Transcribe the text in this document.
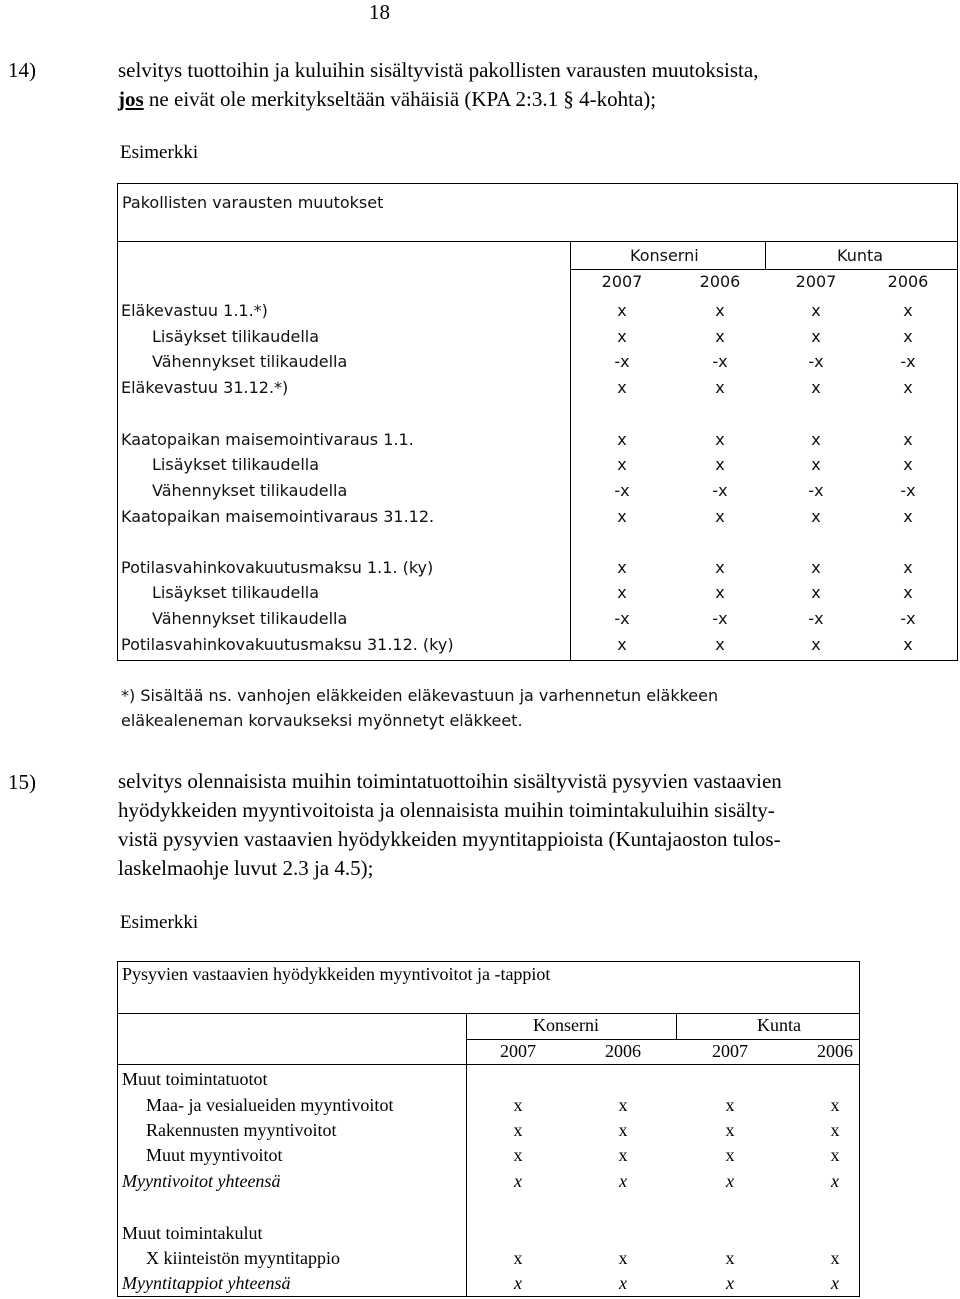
18
14)	selvitys tuottoihin ja kuluihin sisältyvistä pakollisten varausten muutoksista,
jos ne eivät ole merkitykseltään vähäisiä (KPA 2:3.1 § 4-kohta);
Esimerkki
Pakollisten varausten muutokset
Konserni	Kunta
2007	2006	2007	2006
Eläkevastuu 1.1.*)	x	x	x	x
Lisäykset tilikaudella	x	x	x	x
Vähennykset tilikaudella	-x	-x	-x	-x
Eläkevastuu 31.12.*)	x	x	x	x
Kaatopaikan maisemointivaraus 1.1.	x	x	x	x
Lisäykset tilikaudella	x	x	x	x
Vähennykset tilikaudella	-x	-x	-x	-x
Kaatopaikan maisemointivaraus 31.12.	x	x	x	x
Potilasvahinkovakuutusmaksu 1.1. (ky)	x	x	x	x
Lisäykset tilikaudella	x	x	x	x
Vähennykset tilikaudella	-x	-x	-x	-x
Potilasvahinkovakuutusmaksu 31.12. (ky)	x	x	x	x
*) Sisältää ns. vanhojen eläkkeiden eläkevastuun ja varhennetun eläkkeen
eläkealeneman korvaukseksi myönnetyt eläkkeet.
15)	selvitys olennaisista muihin toimintatuottoihin sisältyvistä pysyvien vastaavien
hyödykkeiden myyntivoitoista ja olennaisista muihin toimintakuluihin sisälty-
vistä pysyvien vastaavien hyödykkeiden myyntitappioista (Kuntajaoston tulos-
laskelmaohje luvut 2.3 ja 4.5);
Esimerkki
Pysyvien vastaavien hyödykkeiden myyntivoitot ja -tappiot
Konserni	Kunta
2007	2006	2007	2006
Muut toimintatuotot
Maa- ja vesialueiden myyntivoitot	x	x	x	x
Rakennusten myyntivoitot	x	x	x	x
Muut myyntivoitot	x	x	x	x
Myyntivoitot yhteensä	x	x	x	x
Muut toimintakulut
X kiinteistön myyntitappio	x	x	x	x
Myyntitappiot yhteensä	x	x	x	x
